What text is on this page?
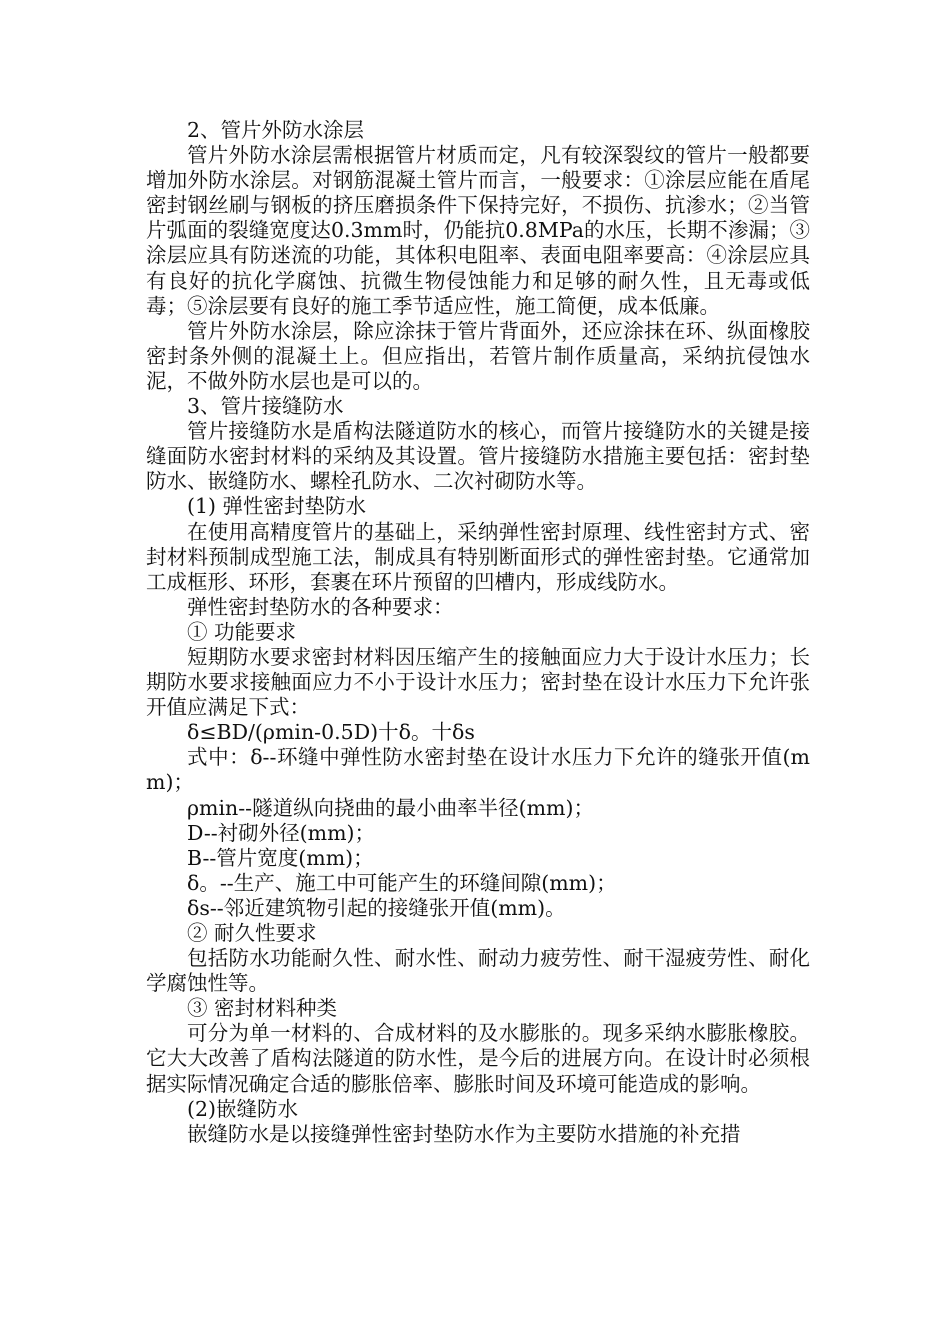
2、管片外防水涂层

管片外防水涂层需根据管片材质而定，凡有较深裂纹的管片一般都要增加外防水涂层。对钢筋混凝土管片而言，一般要求：①涂层应能在盾尾密封钢丝刷与钢板的挤压磨损条件下保持完好，不损伤、抗渗水；②当管片弧面的裂缝宽度达0.3mm时，仍能抗0.8MPa的水压，长期不渗漏；③涂层应具有防迷流的功能，其体积电阻率、表面电阻率要高：④涂层应具有良好的抗化学腐蚀、抗微生物侵蚀能力和足够的耐久性，且无毒或低毒；⑤涂层要有良好的施工季节适应性，施工简便，成本低廉。

管片外防水涂层，除应涂抹于管片背面外，还应涂抹在环、纵面橡胶密封条外侧的混凝土上。但应指出，若管片制作质量高，采纳抗侵蚀水泥，不做外防水层也是可以的。

3、管片接缝防水

管片接缝防水是盾构法隧道防水的核心，而管片接缝防水的关键是接缝面防水密封材料的采纳及其设置。管片接缝防水措施主要包括：密封垫防水、嵌缝防水、螺栓孔防水、二次衬砌防水等。

(1) 弹性密封垫防水

在使用高精度管片的基础上，采纳弹性密封原理、线性密封方式、密封材料预制成型施工法，制成具有特别断面形式的弹性密封垫。它通常加工成框形、环形，套裹在环片预留的凹槽内，形成线防水。

弹性密封垫防水的各种要求：

① 功能要求

短期防水要求密封材料因压缩产生的接触面应力大于设计水压力；长期防水要求接触面应力不小于设计水压力；密封垫在设计水压力下允许张开值应满足下式：

δ≤BD/(ρmin-0.5D)十δ。十δs

式中：δ--环缝中弹性防水密封垫在设计水压力下允许的缝张开值(mm)；

ρmin--隧道纵向挠曲的最小曲率半径(mm)；

D--衬砌外径(mm)；

B--管片宽度(mm)；

δ。--生产、施工中可能产生的环缝间隙(mm)；

δs--邻近建筑物引起的接缝张开值(mm)。

② 耐久性要求

包括防水功能耐久性、耐水性、耐动力疲劳性、耐干湿疲劳性、耐化学腐蚀性等。

③ 密封材料种类

可分为单一材料的、合成材料的及水膨胀的。现多采纳水膨胀橡胶。它大大改善了盾构法隧道的防水性，是今后的进展方向。在设计时必须根据实际情况确定合适的膨胀倍率、膨胀时间及环境可能造成的影响。

(2)嵌缝防水

嵌缝防水是以接缝弹性密封垫防水作为主要防水措施的补充措
